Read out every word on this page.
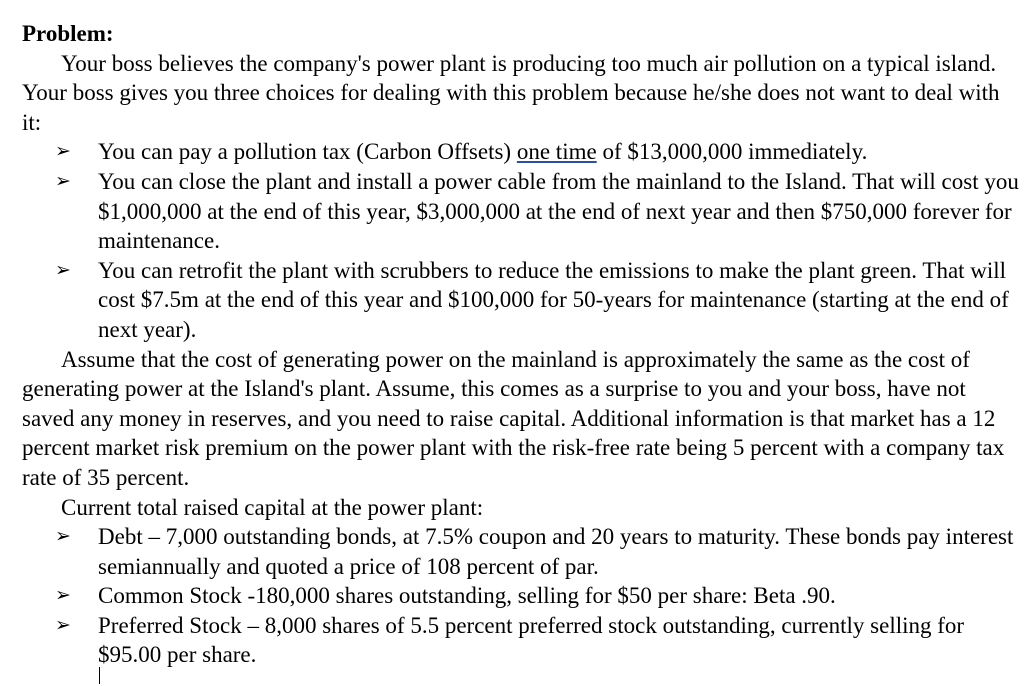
Problem:

Your boss believes the company's power plant is producing too much air pollution on a typical island. Your boss gives you three choices for dealing with this problem because he/she does not want to deal with it:

➢ You can pay a pollution tax (Carbon Offsets) one time of $13,000,000 immediately.
➢ You can close the plant and install a power cable from the mainland to the Island. That will cost you $1,000,000 at the end of this year, $3,000,000 at the end of next year and then $750,000 forever for maintenance.
➢ You can retrofit the plant with scrubbers to reduce the emissions to make the plant green. That will cost $7.5m at the end of this year and $100,000 for 50-years for maintenance (starting at the end of next year).

Assume that the cost of generating power on the mainland is approximately the same as the cost of generating power at the Island's plant. Assume, this comes as a surprise to you and your boss, have not saved any money in reserves, and you need to raise capital. Additional information is that market has a 12 percent market risk premium on the power plant with the risk-free rate being 5 percent with a company tax rate of 35 percent.

Current total raised capital at the power plant:

➢ Debt – 7,000 outstanding bonds, at 7.5% coupon and 20 years to maturity. These bonds pay interest semiannually and quoted a price of 108 percent of par.
➢ Common Stock -180,000 shares outstanding, selling for $50 per share: Beta .90.
➢ Preferred Stock – 8,000 shares of 5.5 percent preferred stock outstanding, currently selling for $95.00 per share.
